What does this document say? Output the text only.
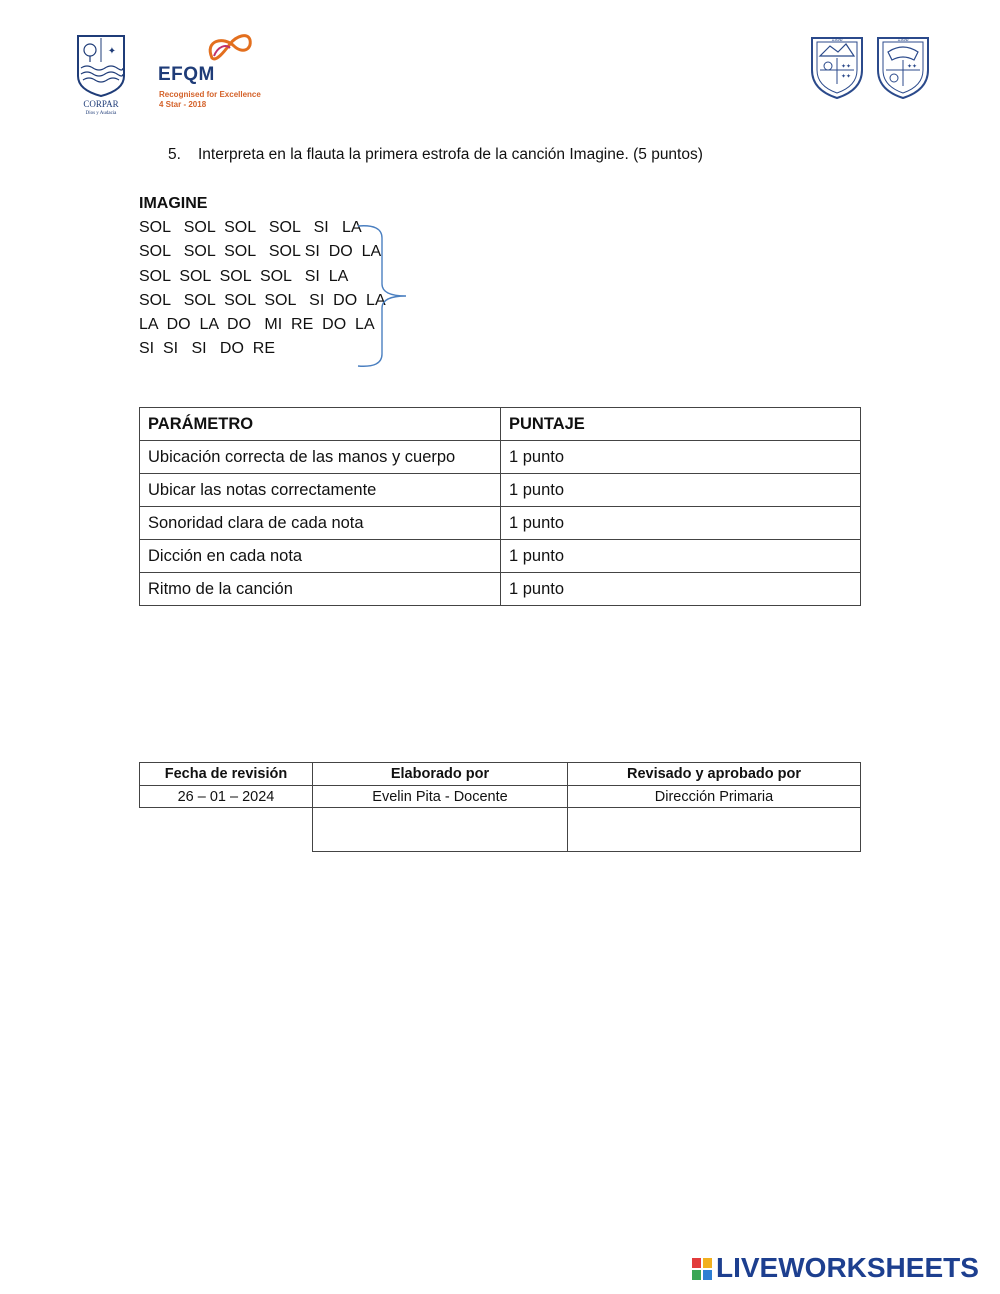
✦
CORPAR
Dios y Audacia
EFQM
Recognised for Excellence
4 Star - 2018
1998
✦✦
✦✦
1998
✦✦
5. Interpreta en la flauta la primera estrofa de la canción Imagine. (5 puntos)
IMAGINE
SOL   SOL  SOL   SOL   SI   LA
SOL   SOL  SOL   SOL SI  DO  LA
SOL  SOL  SOL  SOL   SI  LA
SOL   SOL  SOL  SOL   SI  DO  LA
LA  DO  LA  DO   MI  RE  DO  LA
SI  SI   SI   DO  RE
PARÁMETRO	PUNTAJE
Ubicación correcta de las manos y cuerpo	1 punto
Ubicar las notas correctamente	1 punto
Sonoridad clara de cada nota	1 punto
Dicción en cada nota	1 punto
Ritmo de la canción	1 punto
Fecha de revisión	Elaborado por	Revisado y aprobado por
26 – 01 – 2024	Evelin Pita - Docente	Dirección Primaria

LIVEWORKSHEETS
